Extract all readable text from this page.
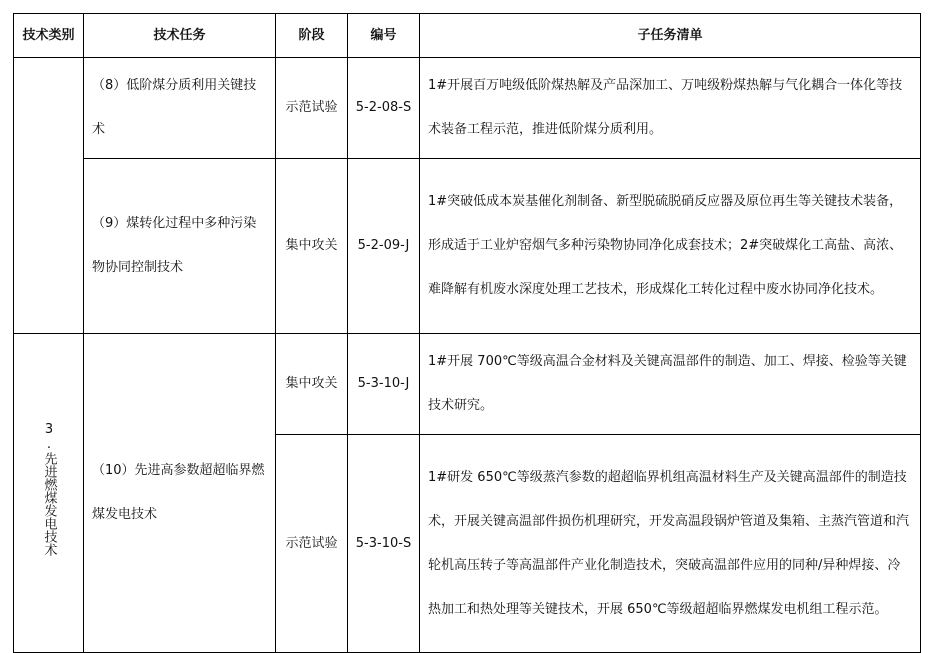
技术类别	技术任务	阶段	编号	子任务清单
	（8）低阶煤分质利用关键技术	示范试验	5-2-08-S	1#开展百万吨级低阶煤热解及产品深加工、万吨级粉煤热解与气化耦合一体化等技术装备工程示范，推进低阶煤分质利用。
	（9）煤转化过程中多种污染物协同控制技术	集中攻关	5-2-09-J	1#突破低成本炭基催化剂制备、新型脱硫脱硝反应器及原位再生等关键技术装备，形成适于工业炉窑烟气多种污染物协同净化成套技术；2#突破煤化工高盐、高浓、难降解有机废水深度处理工艺技术，形成煤化工转化过程中废水协同净化技术。
3.先进燃煤发电技术	（10）先进高参数超超临界燃煤发电技术	集中攻关	5-3-10-J	1#开展 700℃等级高温合金材料及关键高温部件的制造、加工、焊接、检验等关键技术研究。
		示范试验	5-3-10-S	1#研发 650℃等级蒸汽参数的超超临界机组高温材料生产及关键高温部件的制造技术，开展关键高温部件损伤机理研究，开发高温段锅炉管道及集箱、主蒸汽管道和汽轮机高压转子等高温部件产业化制造技术，突破高温部件应用的同种/异种焊接、冷热加工和热处理等关键技术，开展 650℃等级超超临界燃煤发电机组工程示范。
